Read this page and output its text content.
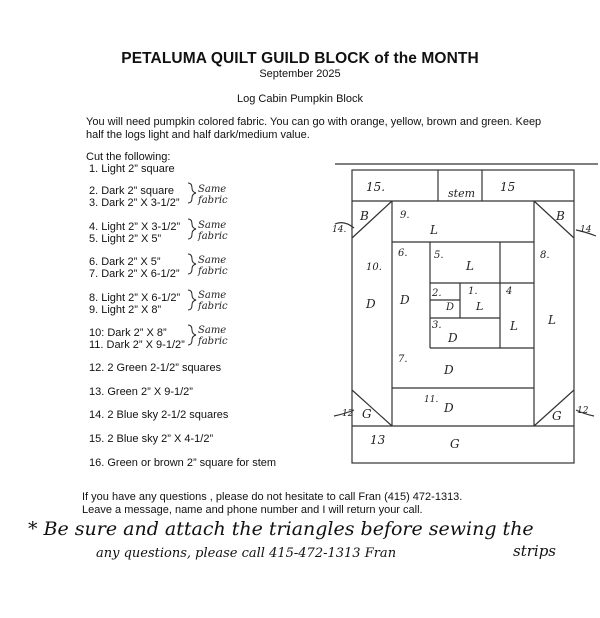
PETALUMA QUILT GUILD BLOCK of the MONTH
September 2025
Log Cabin Pumpkin Block
You will need pumpkin colored fabric. You can go with orange, yellow, brown and green. Keep half the logs light and half dark/medium value.
Cut the following:
1. Light 2” square
2. Dark 2” square
3. Dark 2” X 3-1/2”
4. Light 2” X 3-1/2”
5. Light 2” X 5”
6. Dark 2” X 5”
7. Dark 2” X 6-1/2”
8. Light 2” X 6-1/2”
9. Light 2” X 8”
10: Dark 2” X 8”
11. Dark 2” X 9-1/2”
12. 2 Green 2-1/2” squares
13. Green 2” X 9-1/2”
14. 2 Blue sky 2-1/2 squares
15. 2 Blue sky 2” X 4-1/2”
16. Green or brown 2” square for stem
Same fabric
Same fabric
Same fabric
Same fabric
Same fabric
15.	stem 15
B	B
14.	14
9.
L
10.
D
6.
D
5.
L
8.
L
2.
D
1.
L
4
L
3.
D
7.
D
11.
D
G	G
12	12
13	G
If you have any questions , please do not hesitate to call Fran (415) 472-1313.
Leave a message, name and phone number and I will return your call.
* Be sure and attach the triangles before sewing the
strips
any questions, please call 415-472-1313 Fran
